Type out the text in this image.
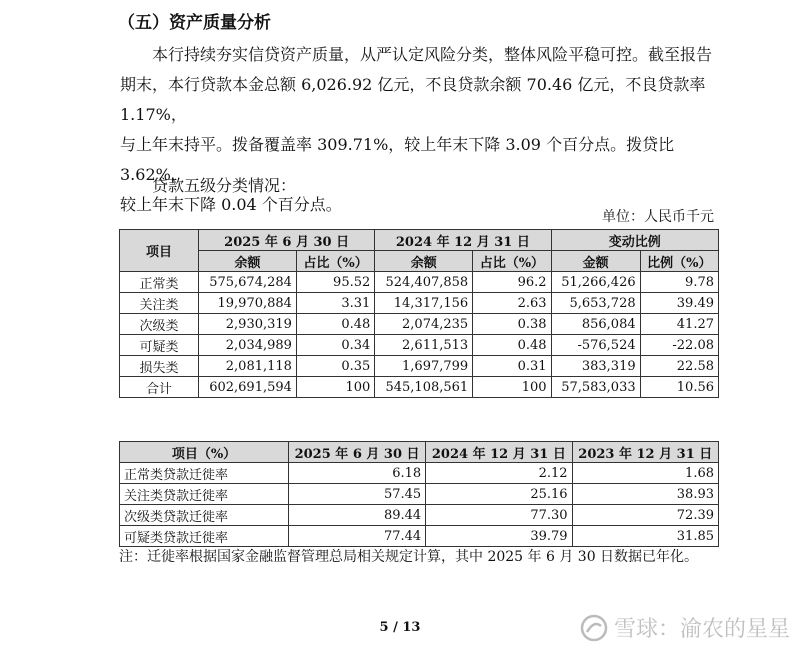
（五）资产质量分析
本行持续夯实信贷资产质量，从严认定风险分类，整体风险平稳可控。截至报告
期末，本行贷款本金总额 6,026.92 亿元，不良贷款余额 70.46 亿元，不良贷款率 1.17%，
与上年末持平。拨备覆盖率 309.71%，较上年末下降 3.09 个百分点。拨贷比 3.62%，
较上年末下降 0.04 个百分点。
贷款五级分类情况：
单位：人民币千元
项目	2025 年 6 月 30 日		2024 年 12 月 31 日		变动比例	
	余额	占比（%）	余额	占比（%）	金额	比例（%）
正常类	575,674,284	95.52	524,407,858	96.2	51,266,426	9.78
关注类	19,970,884	3.31	14,317,156	2.63	5,653,728	39.49
次级类	2,930,319	0.48	2,074,235	0.38	856,084	41.27
可疑类	2,034,989	0.34	2,611,513	0.48	-576,524	-22.08
损失类	2,081,118	0.35	1,697,799	0.31	383,319	22.58
合计	602,691,594	100	545,108,561	100	57,583,033	10.56
项目（%）	2025 年 6 月 30 日	2024 年 12 月 31 日	2023 年 12 月 31 日
正常类贷款迁徙率	6.18	2.12	1.68
关注类贷款迁徙率	57.45	25.16	38.93
次级类贷款迁徙率	89.44	77.30	72.39
可疑类贷款迁徙率	77.44	39.79	31.85
注：迁徙率根据国家金融监督管理总局相关规定计算，其中 2025 年 6 月 30 日数据已年化。
5 / 13	雪球：渝农的星星
